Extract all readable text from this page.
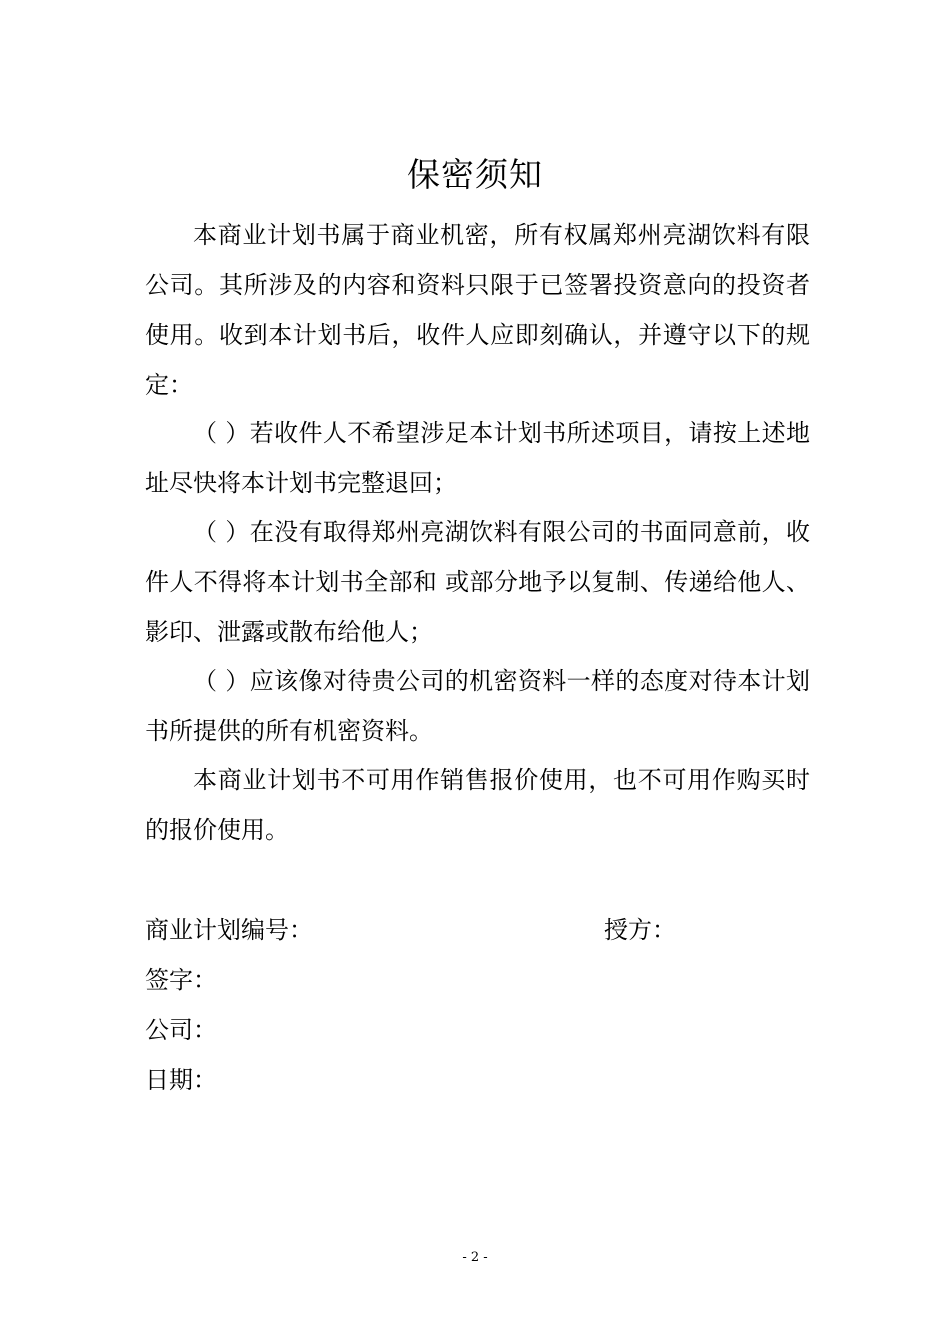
保密须知

本商业计划书属于商业机密，所有权属郑州亮湖饮料有限公司。其所涉及的内容和资料只限于已签署投资意向的投资者使用。收到本计划书后，收件人应即刻确认，并遵守以下的规定：

（ ）若收件人不希望涉足本计划书所述项目，请按上述地址尽快将本计划书完整退回；

（ ）在没有取得郑州亮湖饮料有限公司的书面同意前，收件人不得将本计划书全部和 或部分地予以复制、传递给他人、影印、泄露或散布给他人；

（ ）应该像对待贵公司的机密资料一样的态度对待本计划书所提供的所有机密资料。

本商业计划书不可用作销售报价使用，也不可用作购买时的报价使用。

商业计划编号：	授方：
签字：
公司：
日期：
- 2 -
